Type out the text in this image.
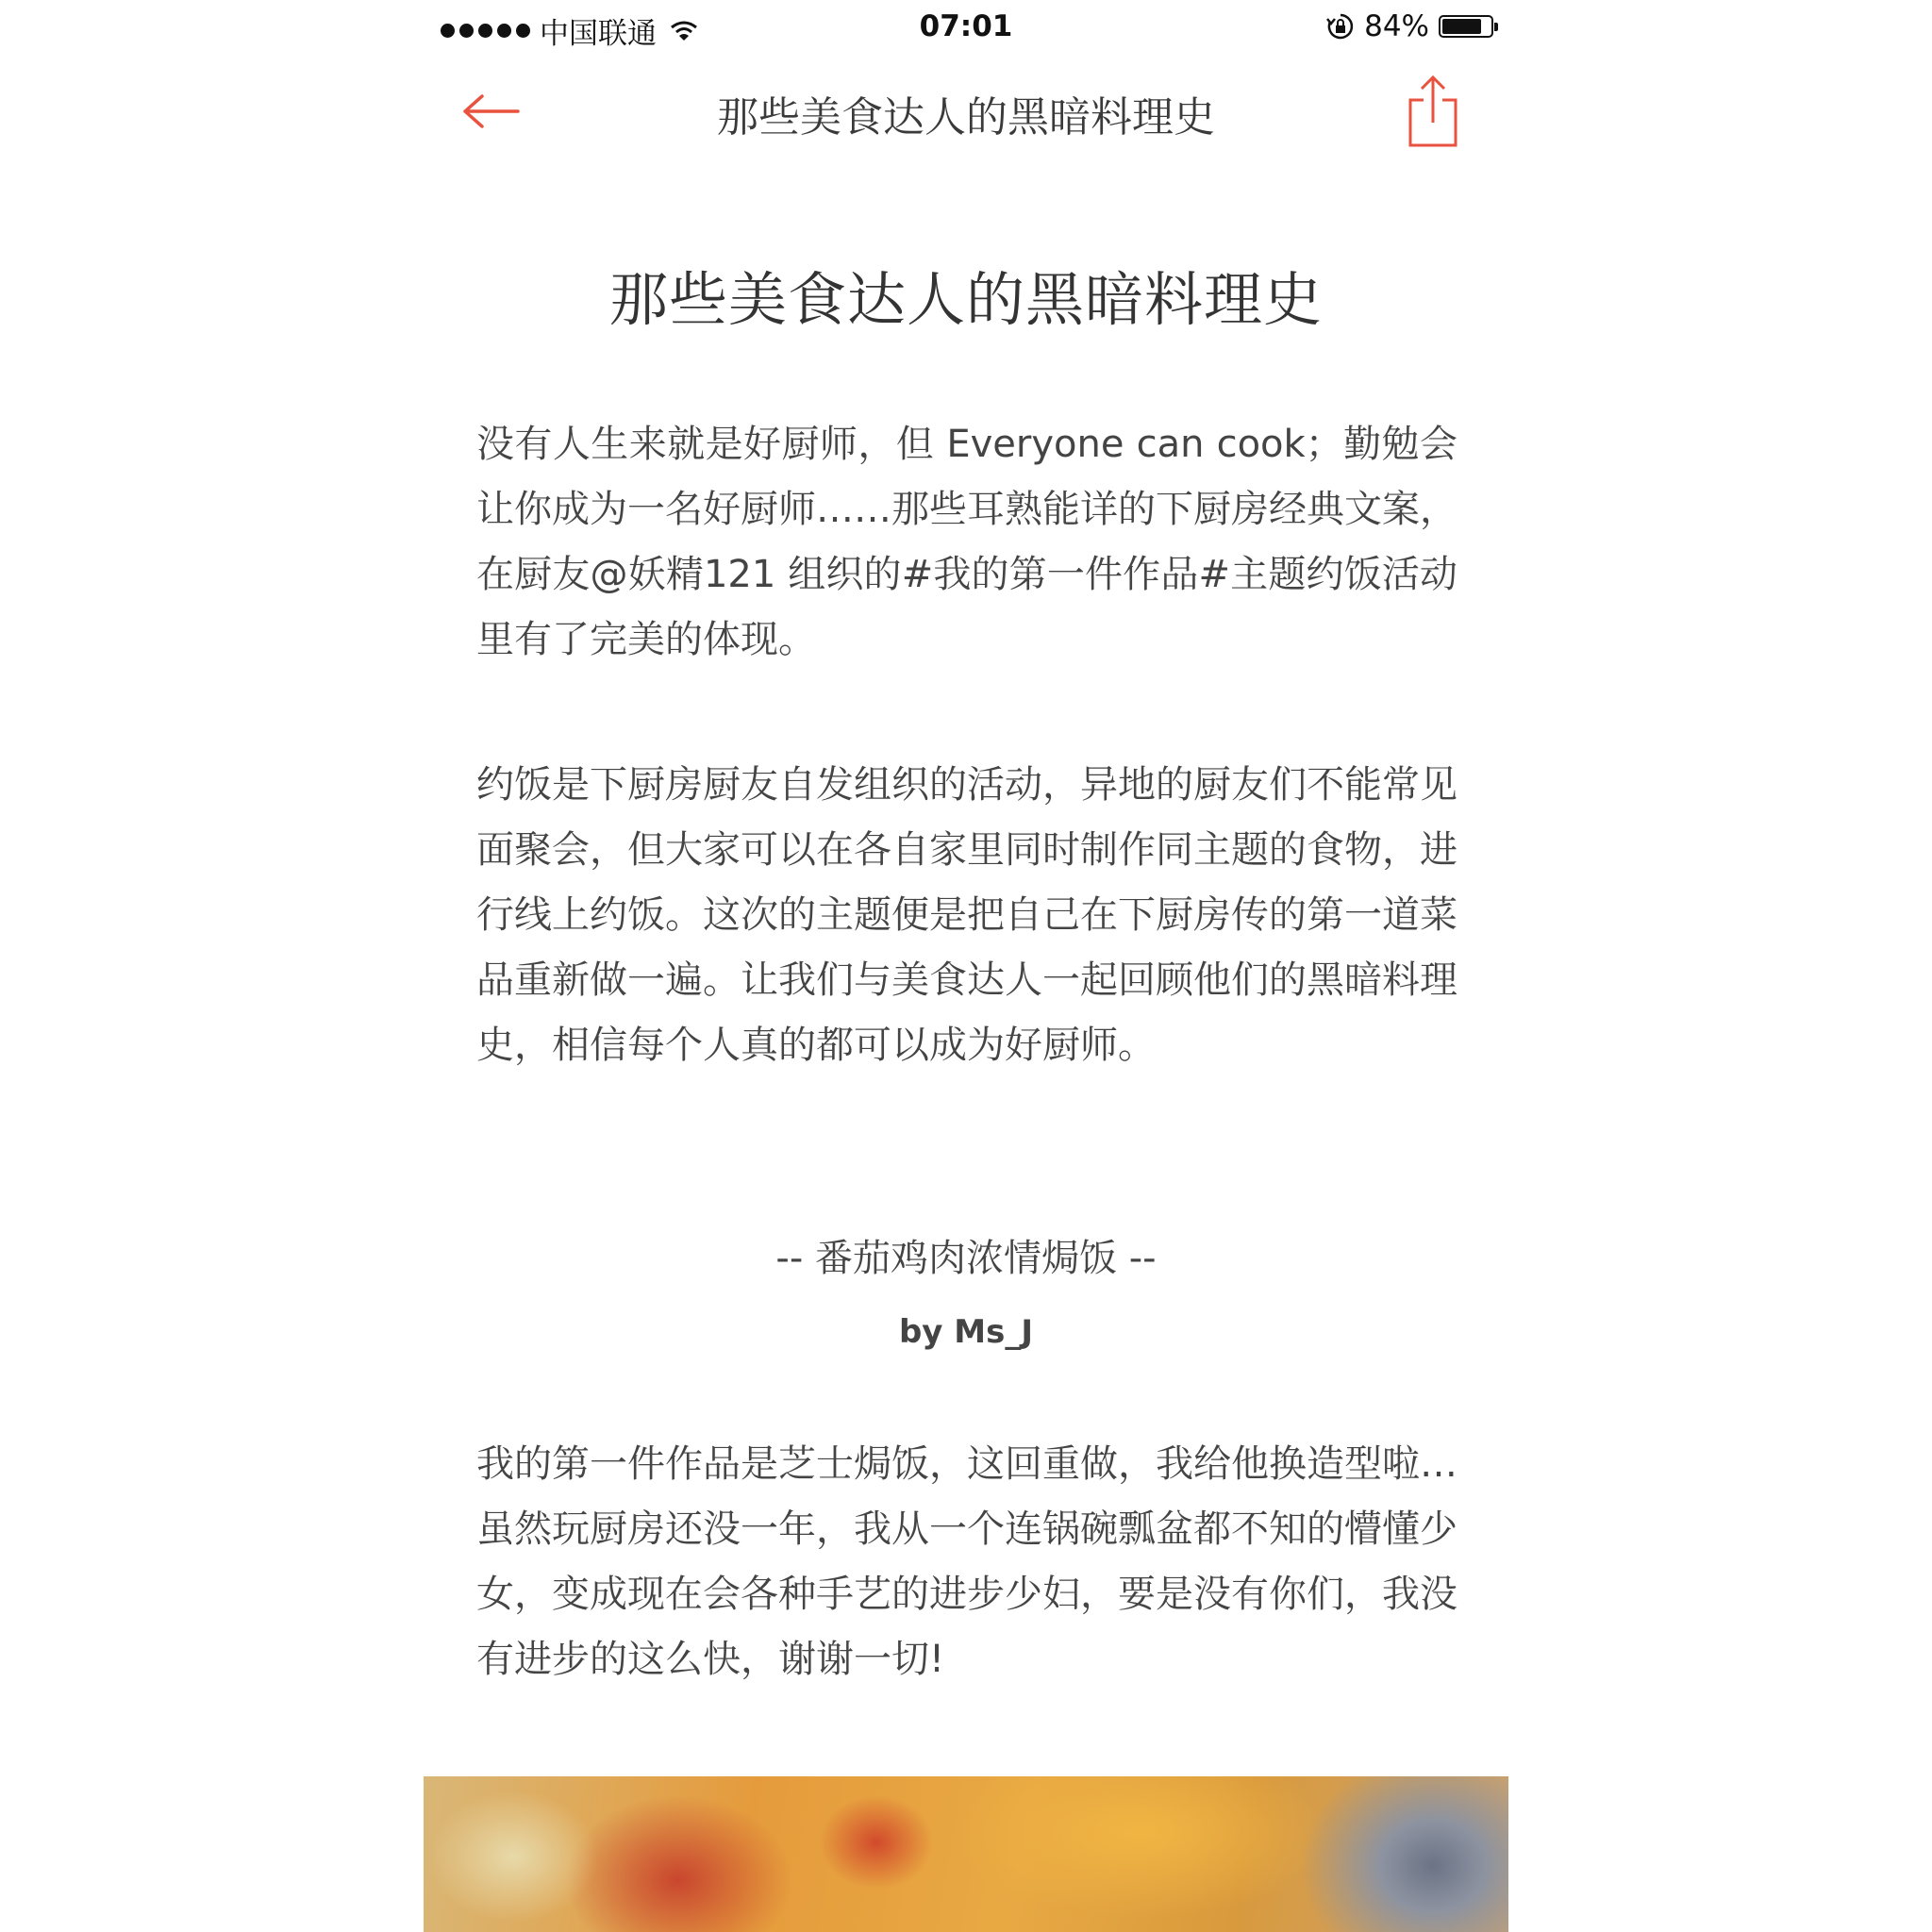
中国联通	07:01	84%
那些美食达人的黑暗料理史
那些美食达人的黑暗料理史

没有人生来就是好厨师，但 Everyone can cook；勤勉会让你成为一名好厨师……那些耳熟能详的下厨房经典文案，在厨友@妖精121 组织的#我的第一件作品#主题约饭活动里有了完美的体现。

约饭是下厨房厨友自发组织的活动，异地的厨友们不能常见面聚会，但大家可以在各自家里同时制作同主题的食物，进行线上约饭。这次的主题便是把自己在下厨房传的第一道菜品重新做一遍。让我们与美食达人一起回顾他们的黑暗料理史，相信每个人真的都可以成为好厨师。

-- 番茄鸡肉浓情焗饭 --
by Ms_J

我的第一件作品是芝士焗饭，这回重做，我给他换造型啦…虽然玩厨房还没一年，我从一个连锅碗瓢盆都不知的懵懂少女，变成现在会各种手艺的进步少妇，要是没有你们，我没有进步的这么快，谢谢一切!
